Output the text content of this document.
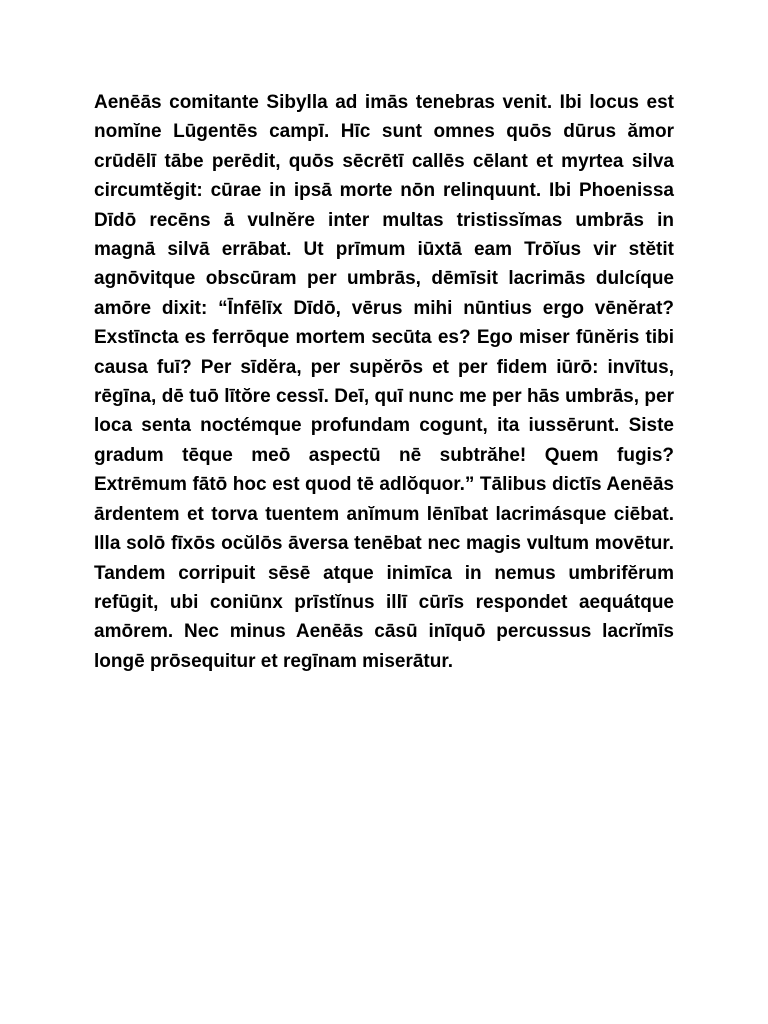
Aenēās comitante Sibylla ad imās tenebras venit. Ibi locus est nomĭne Lūgentēs campī. Hīc sunt omnes quōs dūrus ămor crūdēlī tābe perēdit, quōs sēcrētī callēs cēlant et myrtea silva circumtĕgit: cūrae in ipsā morte nōn relinquunt. Ibi Phoenissa Dīdō recēns ā vulnĕre inter multas tristissĭmas umbrās in magnā silvā errābat. Ut prīmum iūxtā eam Trōĭus vir stĕtit agnōvitque obscūram per umbrās, dēmīsit lacrimās dulcíque amōre dixit: “Īnfēlīx Dīdō, vērus mihi nūntius ergo vēnĕrat? Exstīncta es ferrōque mortem secūta es? Ego miser fūnĕris tibi causa fuī? Per sīdĕra, per supĕrōs et per fidem iūrō: invītus, rēgīna, dē tuō lītŏre cessī. Deī, quī nunc me per hās umbrās, per loca senta noctémque profundam cogunt, ita iussērunt. Siste gradum tēque meō aspectū nē subtrăhe! Quem fugis? Extrēmum fātō hoc est quod tē adlŏquor.” Tālibus dictīs Aenēās ārdentem et torva tuentem anĭmum lēnībat lacrimásque ciēbat. Illa solō fīxōs ocŭlōs āversa tenēbat nec magis vultum movētur. Tandem corripuit sēsē atque inimīca in nemus umbrifĕrum refūgit, ubi coniūnx prīstĭnus illī cūrīs respondet aequátque amōrem. Nec minus Aenēās cāsū inīquō percussus lacrĭmīs longē prōsequitur et regīnam miserātur.
